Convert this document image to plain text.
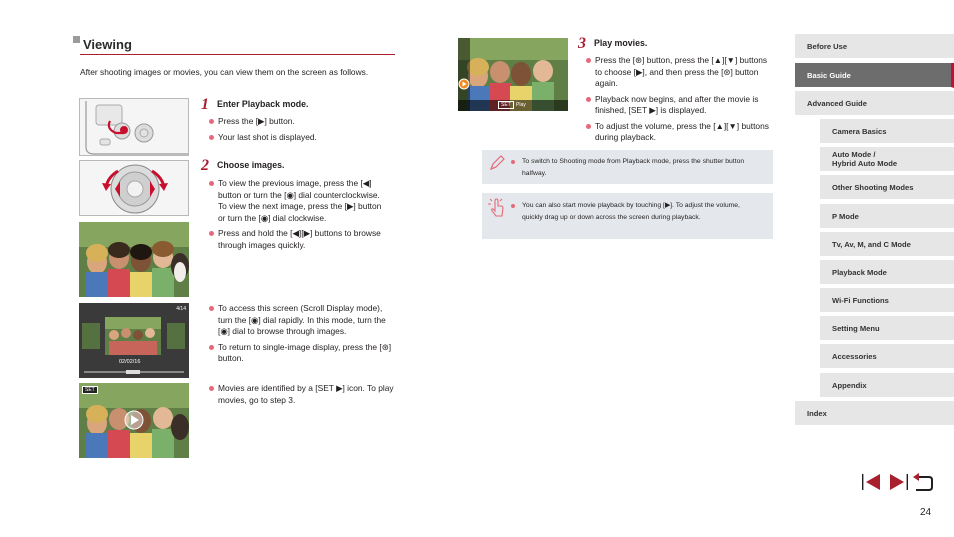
Viewing
After shooting images or movies, you can view them on the screen as follows.
1 Enter Playback mode.
Press the [▶] button.
Your last shot is displayed.
2 Choose images.
To view the previous image, press the [◀] button or turn the [◉] dial counterclockwise. To view the next image, press the [▶] button or turn the [◉] dial clockwise.
Press and hold the [◀][▶] buttons to browse through images quickly.
4/14
02/02/16
To access this screen (Scroll Display mode), turn the [◉] dial rapidly. In this mode, turn the [◉] dial to browse through images.
To return to single-image display, press the [⊛] button.
SET	Movies are identified by a [SET ▶] icon. To play movies, go to step 3.
SET	Play
3 Play movies.
Press the [⊛] button, press the [▲][▼] buttons to choose [▶], and then press the [⊛] button again.
Playback now begins, and after the movie is finished, [SET ▶] is displayed.
To adjust the volume, press the [▲][▼] buttons during playback.
To switch to Shooting mode from Playback mode, press the shutter button halfway.
You can also start movie playback by touching [▶]. To adjust the volume, quickly drag up or down across the screen during playback.
Before Use
Basic Guide
Advanced Guide
Camera Basics
Auto Mode /
Hybrid Auto Mode
Other Shooting Modes
P Mode
Tv, Av, M, and C Mode
Playback Mode
Wi-Fi Functions
Setting Menu
Accessories
Appendix
Index
24
